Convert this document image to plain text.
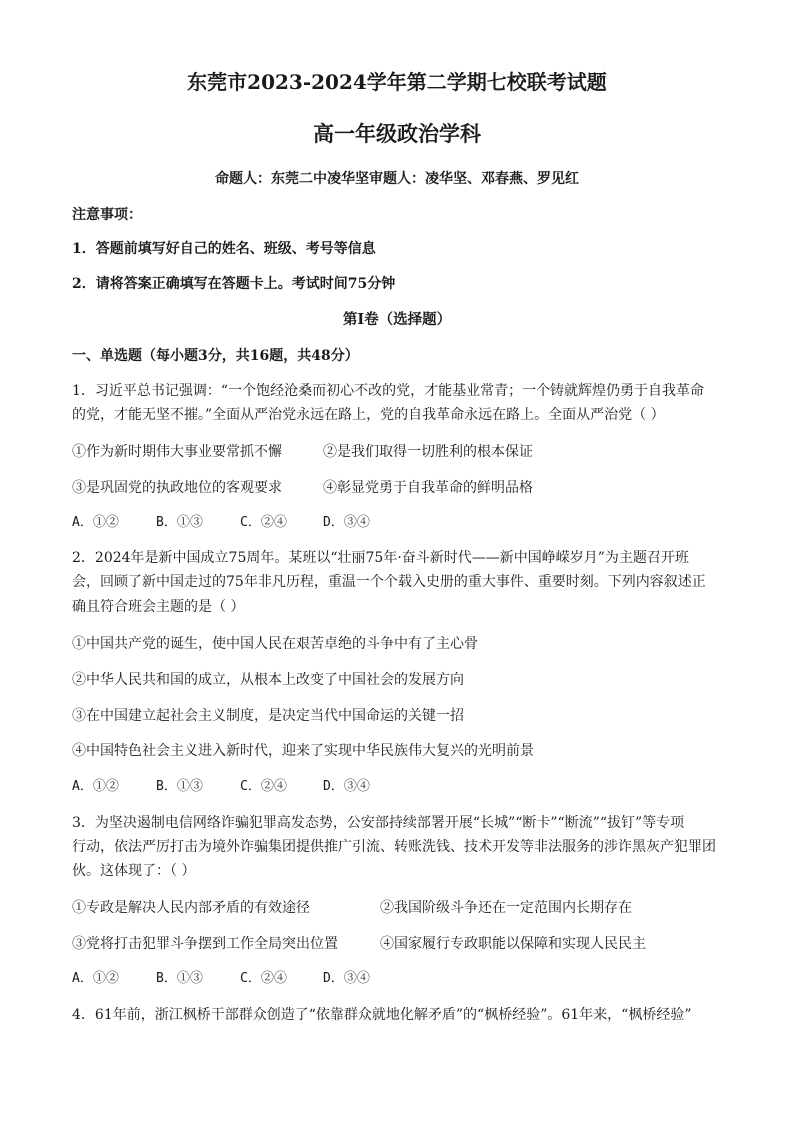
东莞市2023-2024学年第二学期七校联考试题
高一年级政治学科
命题人：东莞二中凌华坚审题人：凌华坚、邓春燕、罗见红
注意事项：
1．答题前填写好自己的姓名、班级、考号等信息
2．请将答案正确填写在答题卡上。考试时间75分钟
第I卷（选择题）
一、单选题（每小题3分，共16题，共48分）
1．习近平总书记强调：“一个饱经沧桑而初心不改的党，才能基业常青；一个铸就辉煌仍勇于自我革命
的党，才能无坚不摧。”全面从严治党永远在路上，党的自我革命永远在路上。全面从严治党（ ）
①作为新时期伟大事业要常抓不懈	②是我们取得一切胜利的根本保证
③是巩固党的执政地位的客观要求	④彰显党勇于自我革命的鲜明品格
A．①②	B．①③	C．②④	D．③④
2．2024年是新中国成立75周年。某班以“壮丽75年·奋斗新时代——新中国峥嵘岁月”为主题召开班
会，回顾了新中国走过的75年非凡历程，重温一个个载入史册的重大事件、重要时刻。下列内容叙述正
确且符合班会主题的是（ ）
①中国共产党的诞生，使中国人民在艰苦卓绝的斗争中有了主心骨
②中华人民共和国的成立，从根本上改变了中国社会的发展方向
③在中国建立起社会主义制度，是决定当代中国命运的关键一招
④中国特色社会主义进入新时代，迎来了实现中华民族伟大复兴的光明前景
A．①②	B．①③	C．②④	D．③④
3．为坚决遏制电信网络诈骗犯罪高发态势，公安部持续部署开展“长城”“断卡”“断流”“拔钉”等专项
行动，依法严厉打击为境外诈骗集团提供推广引流、转账洗钱、技术开发等非法服务的涉诈黑灰产犯罪团
伙。这体现了：（ ）
①专政是解决人民内部矛盾的有效途径	②我国阶级斗争还在一定范围内长期存在
③党将打击犯罪斗争摆到工作全局突出位置	④国家履行专政职能以保障和实现人民民主
A．①②	B．①③	C．②④	D．③④
4．61年前，浙江枫桥干部群众创造了“依靠群众就地化解矛盾”的“枫桥经验”。61年来，“枫桥经验”
